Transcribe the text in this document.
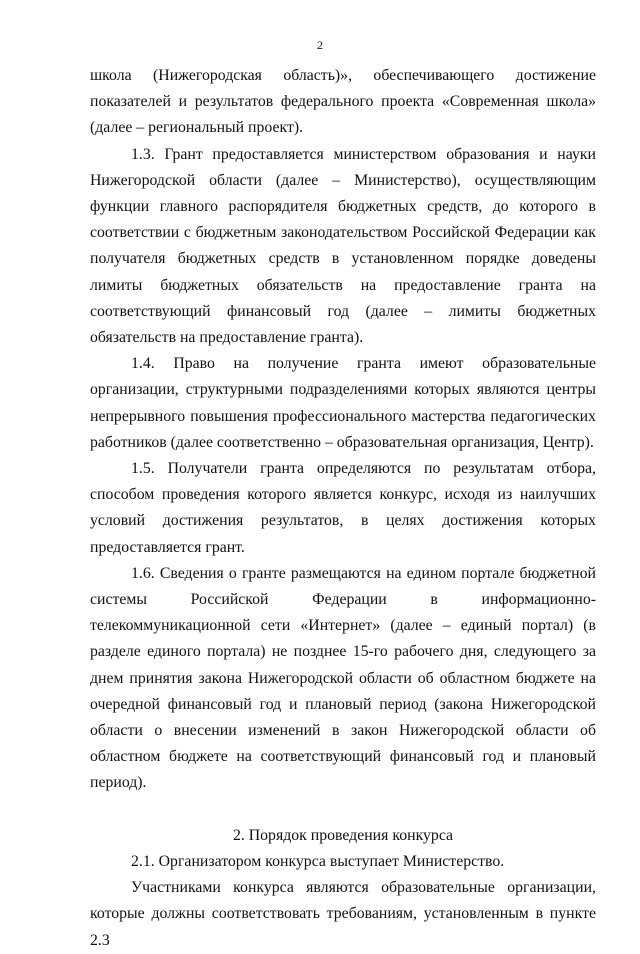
2

школа (Нижегородская область)», обеспечивающего достижение показателей и результатов федерального проекта «Современная школа» (далее – региональный проект).

1.3. Грант предоставляется министерством образования и науки Нижегородской области (далее – Министерство), осуществляющим функции главного распорядителя бюджетных средств, до которого в соответствии с бюджетным законодательством Российской Федерации как получателя бюджетных средств в установленном порядке доведены лимиты бюджетных обязательств на предоставление гранта на соответствующий финансовый год (далее – лимиты бюджетных обязательств на предоставление гранта).

1.4. Право на получение гранта имеют образовательные организации, структурными подразделениями которых являются центры непрерывного повышения профессионального мастерства педагогических работников (далее соответственно – образовательная организация, Центр).

1.5. Получатели гранта определяются по результатам отбора, способом проведения которого является конкурс, исходя из наилучших условий достижения результатов, в целях достижения которых предоставляется грант.

1.6. Сведения о гранте размещаются на едином портале бюджетной системы Российской Федерации в информационно-телекоммуникационной сети «Интернет» (далее – единый портал) (в разделе единого портала) не позднее 15-го рабочего дня, следующего за днем принятия закона Нижегородской области об областном бюджете на очередной финансовый год и плановый период (закона Нижегородской области о внесении изменений в закон Нижегородской области об областном бюджете на соответствующий финансовый год и плановый период).

2. Порядок проведения конкурса

2.1. Организатором конкурса выступает Министерство.

Участниками конкурса являются образовательные организации, которые должны соответствовать требованиям, установленным в пункте 2.3
